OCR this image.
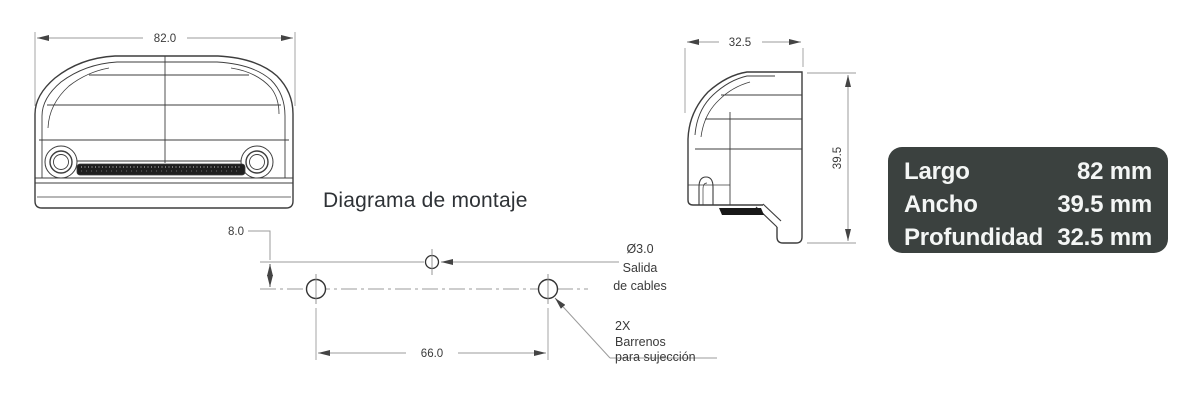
82.0	32.5
39.5
Diagrama de montaje
8.0
66.0
Ø3.0
Salida
de cables
2X
Barrenos
para sujección
Largo	82 mm
Ancho	39.5 mm
Profundidad 32.5 mm
